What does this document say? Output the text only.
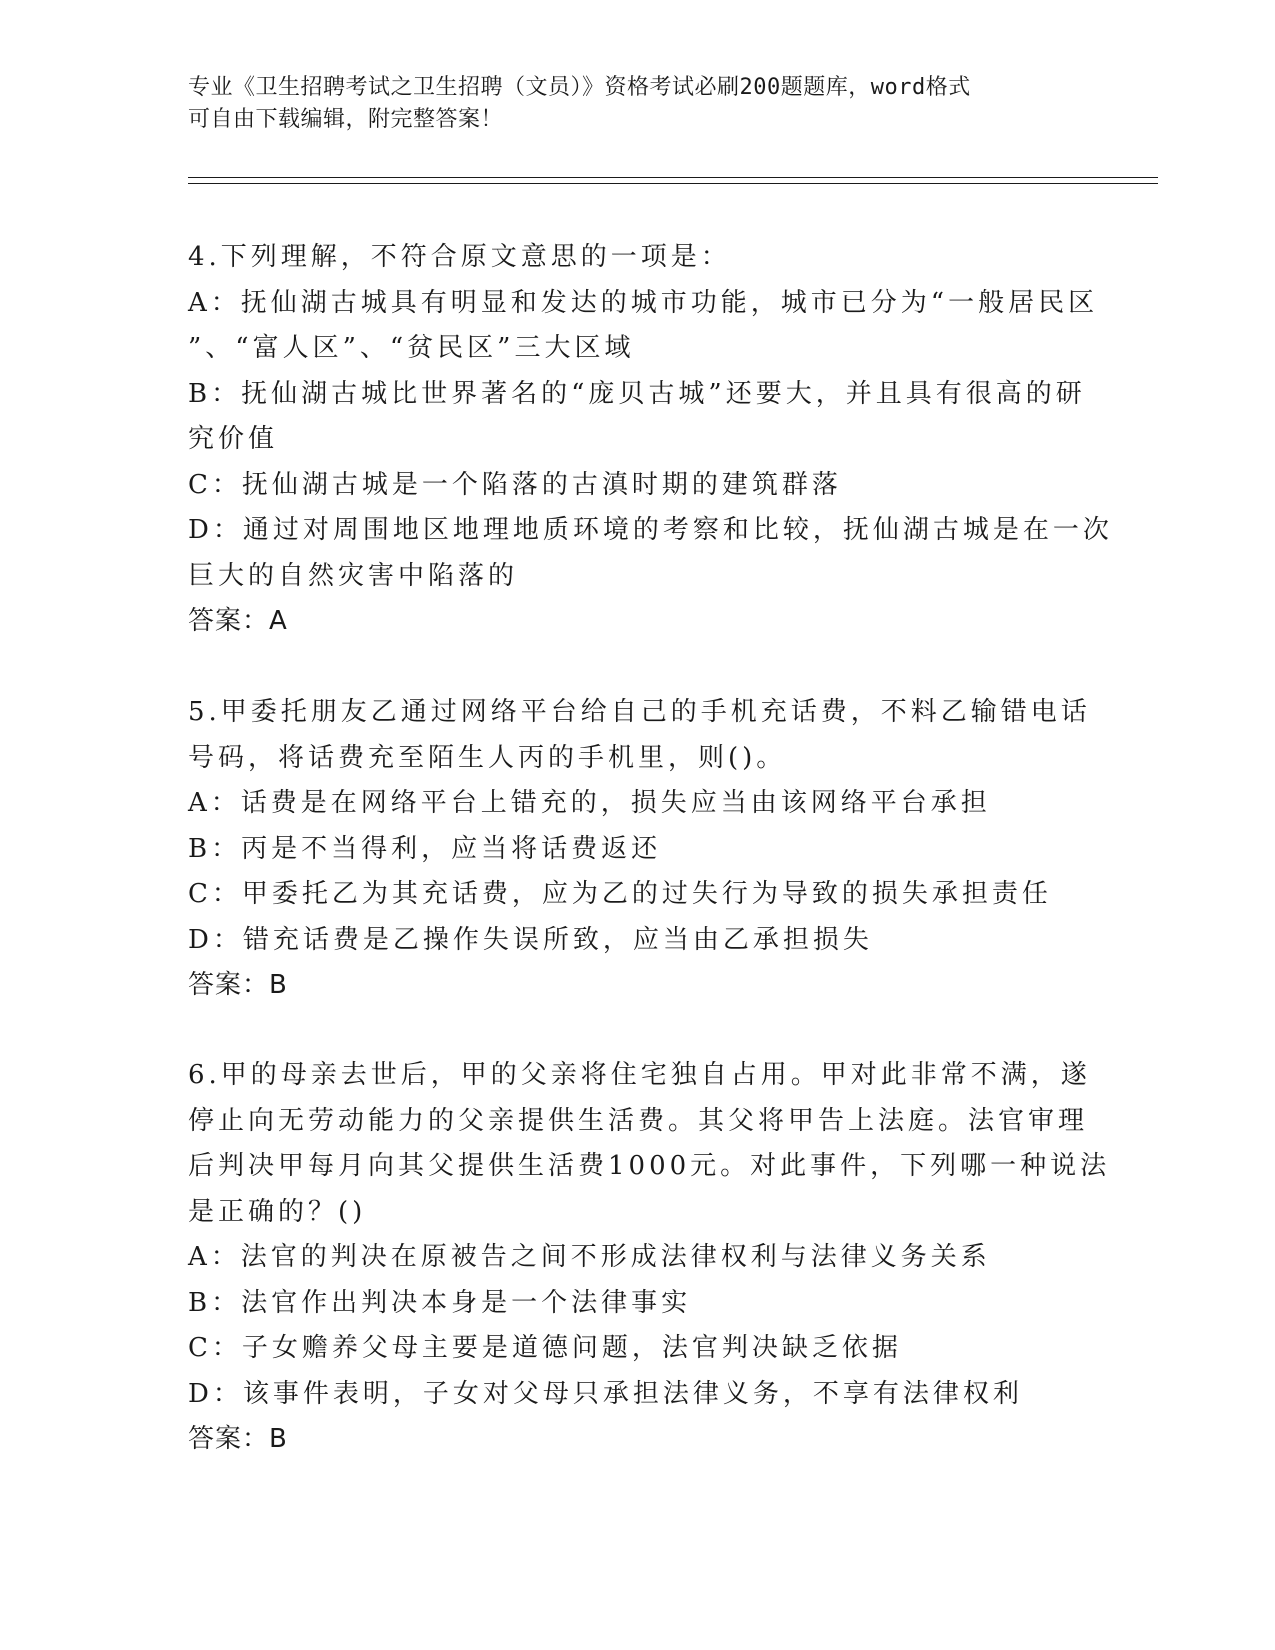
专业《卫生招聘考试之卫生招聘（文员）》资格考试必刷200题题库，word格式
可自由下载编辑，附完整答案！
4.下列理解，不符合原文意思的一项是：
A：抚仙湖古城具有明显和发达的城市功能，城市已分为“一般居民区
”、“富人区”、“贫民区”三大区域
B：抚仙湖古城比世界著名的“庞贝古城”还要大，并且具有很高的研
究价值
C：抚仙湖古城是一个陷落的古滇时期的建筑群落
D：通过对周围地区地理地质环境的考察和比较，抚仙湖古城是在一次
巨大的自然灾害中陷落的
答案：A
5.甲委托朋友乙通过网络平台给自己的手机充话费，不料乙输错电话
号码，将话费充至陌生人丙的手机里，则()。
A：话费是在网络平台上错充的，损失应当由该网络平台承担
B：丙是不当得利，应当将话费返还
C：甲委托乙为其充话费，应为乙的过失行为导致的损失承担责任
D：错充话费是乙操作失误所致，应当由乙承担损失
答案：B
6.甲的母亲去世后，甲的父亲将住宅独自占用。甲对此非常不满，遂
停止向无劳动能力的父亲提供生活费。其父将甲告上法庭。法官审理
后判决甲每月向其父提供生活费1000元。对此事件，下列哪一种说法
是正确的？()
A：法官的判决在原被告之间不形成法律权利与法律义务关系
B：法官作出判决本身是一个法律事实
C：子女赡养父母主要是道德问题，法官判决缺乏依据
D：该事件表明，子女对父母只承担法律义务，不享有法律权利
答案：B
